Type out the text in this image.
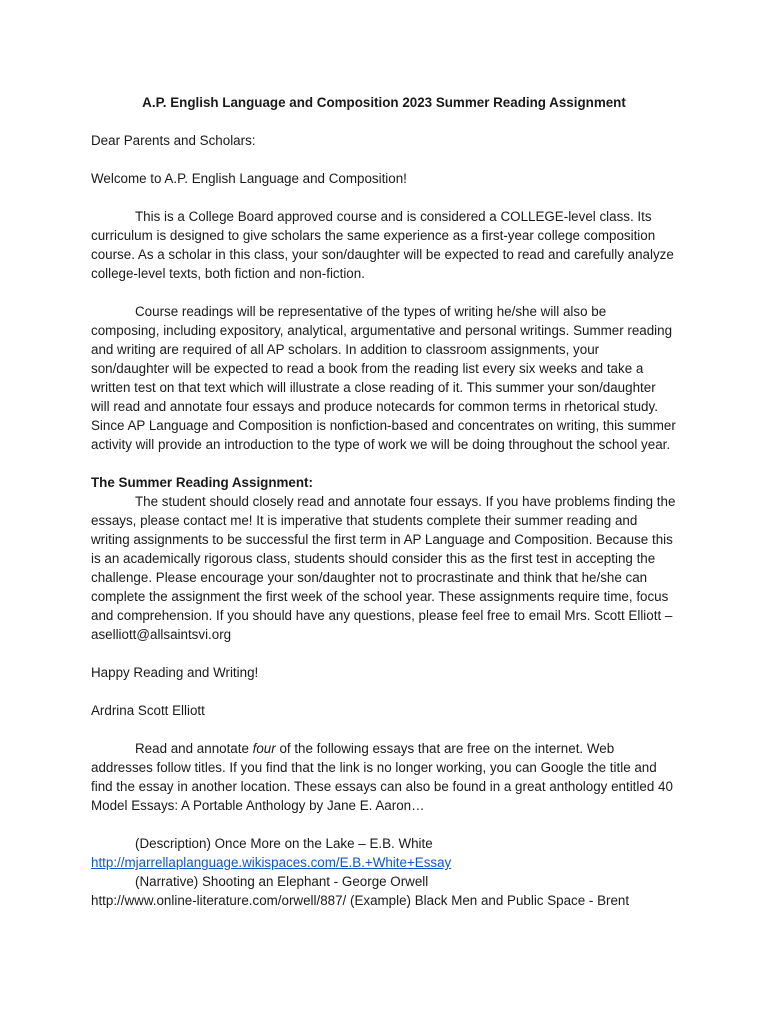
A.P. English Language and Composition 2023 Summer Reading Assignment

Dear Parents and Scholars:

Welcome to A.P. English Language and Composition!

This is a College Board approved course and is considered a COLLEGE-level class. Its curriculum is designed to give scholars the same experience as a first-year college composition course. As a scholar in this class, your son/daughter will be expected to read and carefully analyze college-level texts, both fiction and non-fiction.

Course readings will be representative of the types of writing he/she will also be composing, including expository, analytical, argumentative and personal writings. Summer reading and writing are required of all AP scholars. In addition to classroom assignments, your son/daughter will be expected to read a book from the reading list every six weeks and take a written test on that text which will illustrate a close reading of it. This summer your son/daughter will read and annotate four essays and produce notecards for common terms in rhetorical study. Since AP Language and Composition is nonfiction-based and concentrates on writing, this summer activity will provide an introduction to the type of work we will be doing throughout the school year.

The Summer Reading Assignment:

The student should closely read and annotate four essays. If you have problems finding the essays, please contact me! It is imperative that students complete their summer reading and writing assignments to be successful the first term in AP Language and Composition. Because this is an academically rigorous class, students should consider this as the first test in accepting the challenge. Please encourage your son/daughter not to procrastinate and think that he/she can complete the assignment the first week of the school year. These assignments require time, focus and comprehension. If you should have any questions, please feel free to email Mrs. Scott Elliott – aselliott@allsaintsvi.org

Happy Reading and Writing!

Ardrina Scott Elliott

Read and annotate four of the following essays that are free on the internet. Web addresses follow titles. If you find that the link is no longer working, you can Google the title and find the essay in another location. These essays can also be found in a great anthology entitled 40 Model Essays: A Portable Anthology by Jane E. Aaron…

(Description) Once More on the Lake – E.B. White

http://mjarrellaplanguage.wikispaces.com/E.B.+White+Essay

(Narrative) Shooting an Elephant - George Orwell

http://www.online-literature.com/orwell/887/ (Example) Black Men and Public Space - Brent
